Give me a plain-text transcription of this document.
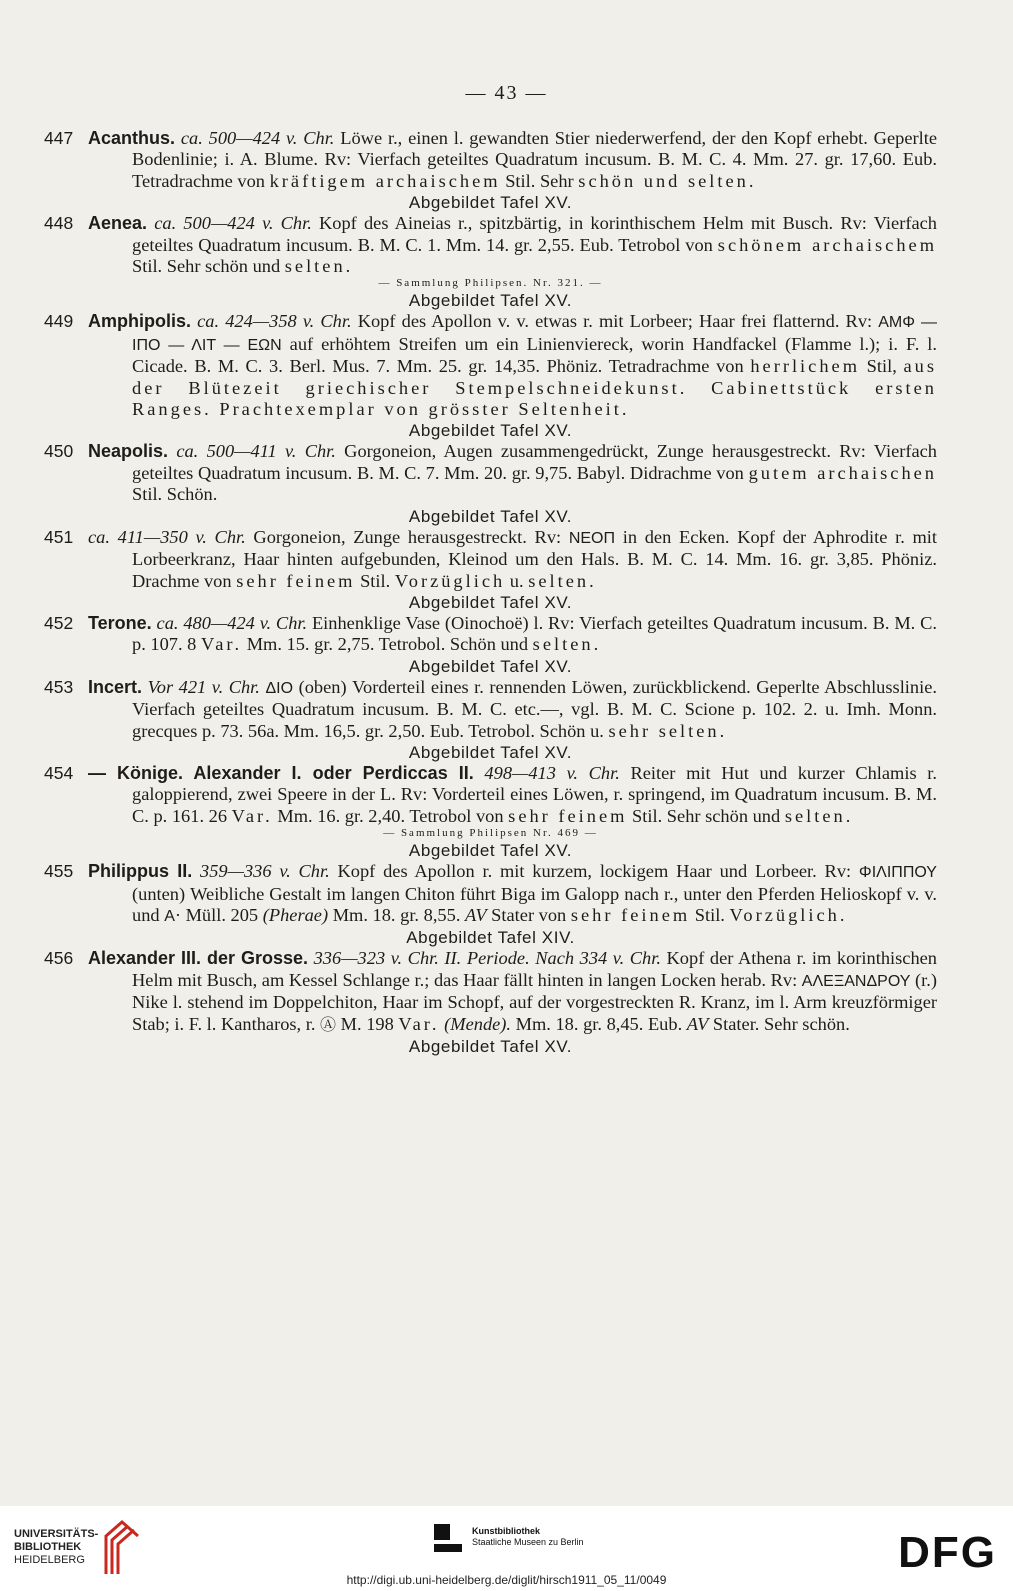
— 43 —
447 Acanthus. ca. 500—424 v. Chr. Löwe r., einen l. gewandten Stier niederwerfend, der den Kopf erhebt. Geperlte Bodenlinie; i. A. Blume. Rv: Vierfach geteiltes Quadratum incusum. B. M. C. 4. Mm. 27. gr. 17,60. Eub. Tetradrachme von kräftigem archaischem Stil. Sehr schön und selten.
Abgebildet Tafel XV.
448 Aenea. ca. 500—424 v. Chr. Kopf des Aineias r., spitzbärtig, in korinthischem Helm mit Busch. Rv: Vierfach geteiltes Quadratum incusum. B. M. C. 1. Mm. 14. gr. 2,55. Eub. Tetrobol von schönem archaischem Stil. Sehr schön und selten.
— Sammlung Philipsen. Nr. 321. —
Abgebildet Tafel XV.
449 Amphipolis. ca. 424—358 v. Chr. Kopf des Apollon v. v. etwas r. mit Lorbeer; Haar frei flatternd. Rv: ΑΜΦ — ΙΠΟ — ΛΙΤ — ΕΩΝ auf erhöhtem Streifen um ein Linienviereck, worin Handfackel (Flamme l.); i. F. l. Cicade. B. M. C. 3. Berl. Mus. 7. Mm. 25. gr. 14,35. Phöniz. Tetradrachme von herrlichem Stil, aus der Blütezeit griechischer Stempelschneidekunst. Cabinettstück ersten Ranges. Prachtexemplar von grösster Seltenheit.
Abgebildet Tafel XV.
450 Neapolis. ca. 500—411 v. Chr. Gorgoneion, Augen zusammengedrückt, Zunge herausgestreckt. Rv: Vierfach geteiltes Quadratum incusum. B. M. C. 7. Mm. 20. gr. 9,75. Babyl. Didrachme von gutem archaischen Stil. Schön.
Abgebildet Tafel XV.
451 ca. 411—350 v. Chr. Gorgoneion, Zunge herausgestreckt. Rv: ΝΕΟΠ in den Ecken. Kopf der Aphrodite r. mit Lorbeerkranz, Haar hinten aufgebunden, Kleinod um den Hals. B. M. C. 14. Mm. 16. gr. 3,85. Phöniz. Drachme von sehr feinem Stil. Vorzüglich u. selten.
Abgebildet Tafel XV.
452 Terone. ca. 480—424 v. Chr. Einhenklige Vase (Oinochoë) l. Rv: Vierfach geteiltes Quadratum incusum. B. M. C. p. 107. 8 Var. Mm. 15. gr. 2,75. Tetrobol. Schön und selten.
Abgebildet Tafel XV.
453 Incert. Vor 421 v. Chr. ΔΙΟ (oben) Vorderteil eines r. rennenden Löwen, zurückblickend. Geperlte Abschlusslinie. Vierfach geteiltes Quadratum incusum. B. M. C. etc.—, vgl. B. M. C. Scione p. 102. 2. u. Imh. Monn. grecques p. 73. 56a. Mm. 16,5. gr. 2,50. Eub. Tetrobol. Schön u. sehr selten.
Abgebildet Tafel XV.
454 — Könige. Alexander I. oder Perdiccas II. 498—413 v. Chr. Reiter mit Hut und kurzer Chlamis r. galoppierend, zwei Speere in der L. Rv: Vorderteil eines Löwen, r. springend, im Quadratum incusum. B. M. C. p. 161. 26 Var. Mm. 16. gr. 2,40. Tetrobol von sehr feinem Stil. Sehr schön und selten.
— Sammlung Philipsen Nr. 469 —
Abgebildet Tafel XV.
455 Philippus II. 359—336 v. Chr. Kopf des Apollon r. mit kurzem, lockigem Haar und Lorbeer. Rv: ΦΙΛΙΠΠΟΥ (unten) Weibliche Gestalt im langen Chiton führt Biga im Galopp nach r., unter den Pferden Helioskopf v. v. und Α· Müll. 205 (Pherae) Mm. 18. gr. 8,55. AV Stater von sehr feinem Stil. Vorzüglich.
Abgebildet Tafel XIV.
456 Alexander III. der Grosse. 336—323 v. Chr. II. Periode. Nach 334 v. Chr. Kopf der Athena r. im korinthischen Helm mit Busch, am Kessel Schlange r.; das Haar fällt hinten in langen Locken herab. Rv: ΑΛΕΞΑΝΔΡΟΥ (r.) Nike l. stehend im Doppelchiton, Haar im Schopf, auf der vorgestreckten R. Kranz, im l. Arm kreuzförmiger Stab; i. F. l. Kantharos, r. Ⓐ M. 198 Var. (Mende). Mm. 18. gr. 8,45. Eub. AV Stater. Sehr schön.
Abgebildet Tafel XV.
UNIVERSITÄTS-
BIBLIOTHEK
HEIDELBERG
Kunstbibliothek
Staatliche Museen zu Berlin	DFG
http://digi.ub.uni-heidelberg.de/diglit/hirsch1911_05_11/0049
